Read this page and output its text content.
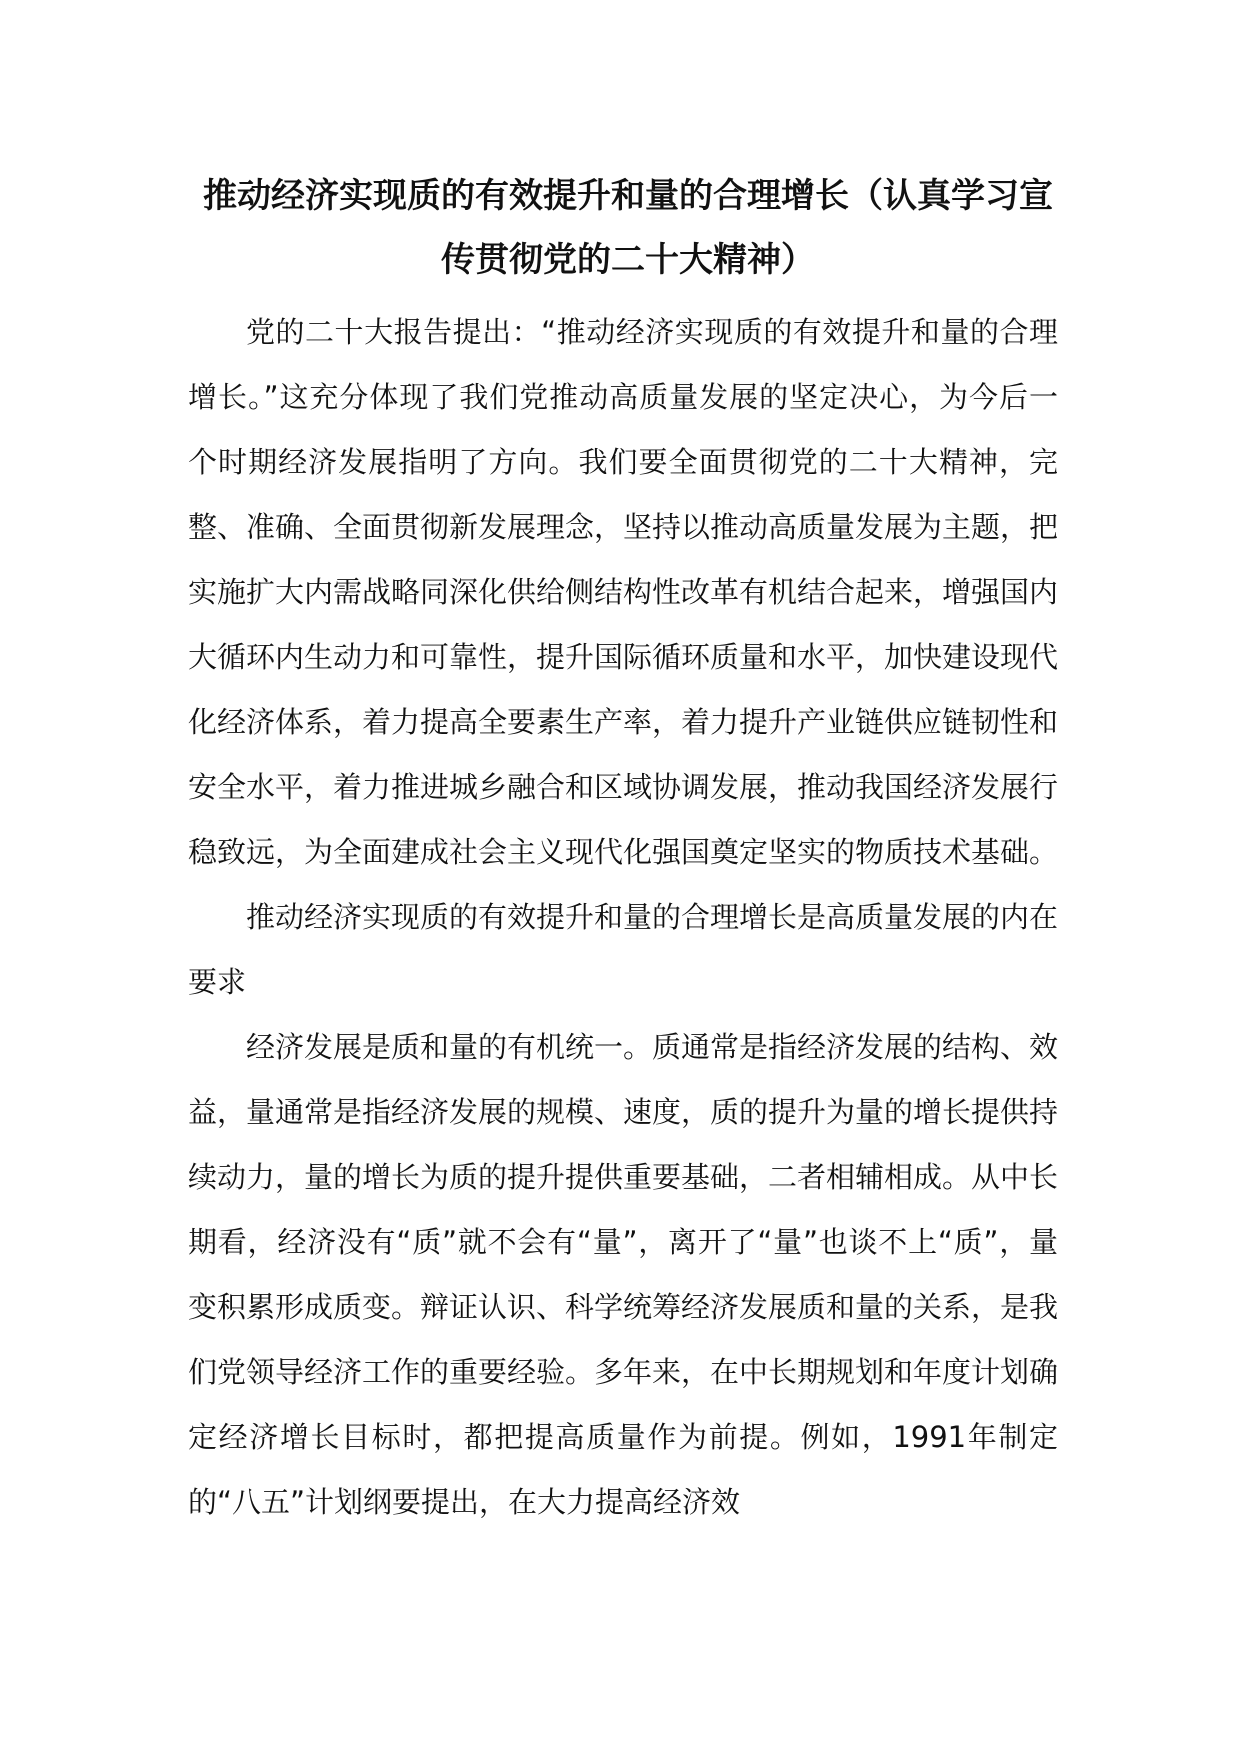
推动经济实现质的有效提升和量的合理增长（认真学习宣传贯彻党的二十大精神）

党的二十大报告提出：“推动经济实现质的有效提升和量的合理增长。”这充分体现了我们党推动高质量发展的坚定决心，为今后一个时期经济发展指明了方向。我们要全面贯彻党的二十大精神，完整、准确、全面贯彻新发展理念，坚持以推动高质量发展为主题，把实施扩大内需战略同深化供给侧结构性改革有机结合起来，增强国内大循环内生动力和可靠性，提升国际循环质量和水平，加快建设现代化经济体系，着力提高全要素生产率，着力提升产业链供应链韧性和安全水平，着力推进城乡融合和区域协调发展，推动我国经济发展行稳致远，为全面建成社会主义现代化强国奠定坚实的物质技术基础。

推动经济实现质的有效提升和量的合理增长是高质量发展的内在要求

经济发展是质和量的有机统一。质通常是指经济发展的结构、效益，量通常是指经济发展的规模、速度，质的提升为量的增长提供持续动力，量的增长为质的提升提供重要基础，二者相辅相成。从中长期看，经济没有“质”就不会有“量”，离开了“量”也谈不上“质”，量变积累形成质变。辩证认识、科学统筹经济发展质和量的关系，是我们党领导经济工作的重要经验。多年来，在中长期规划和年度计划确定经济增长目标时，都把提高质量作为前提。例如，1991年制定的“八五”计划纲要提出，在大力提高经济效
